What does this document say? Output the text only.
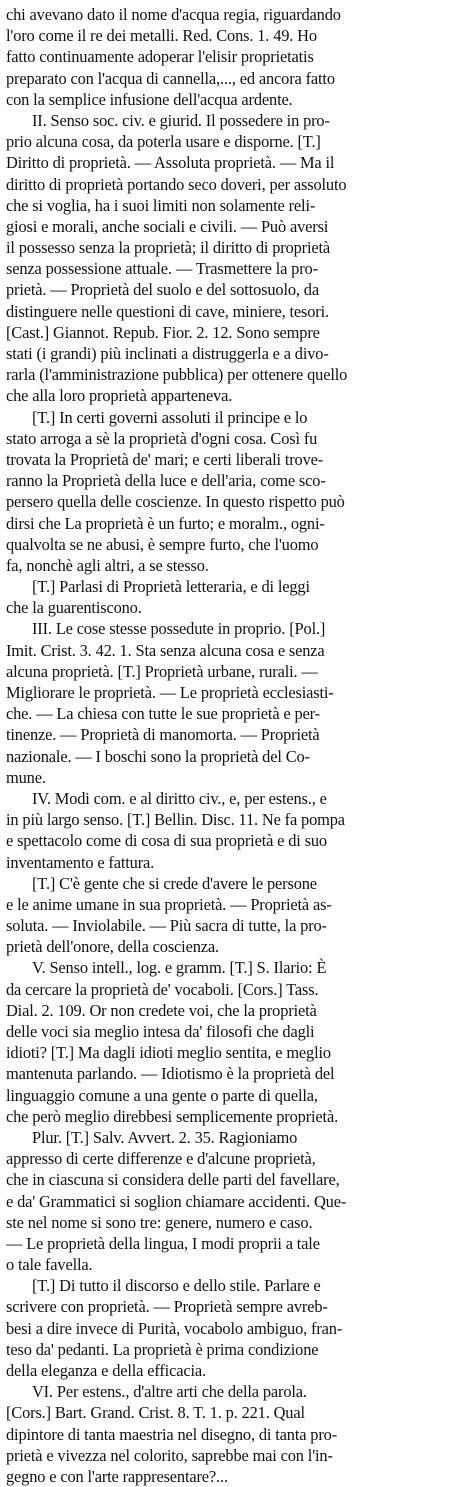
chi avevano dato il nome d'acqua regia, riguardando
l'oro come il re dei metalli. Red. Cons. 1. 49. Ho
fatto continuamente adoperar l'elisir proprietatis
preparato con l'acqua di cannella,..., ed ancora fatto
con la semplice infusione dell'acqua ardente.
II. Senso soc. civ. e giurid. Il possedere in pro-
prio alcuna cosa, da poterla usare e disporne. [T.]
Diritto di proprietà. — Assoluta proprietà. — Ma il
diritto di proprietà portando seco doveri, per assoluto
che si voglia, ha i suoi limiti non solamente reli-
giosi e morali, anche sociali e civili. — Può aversi
il possesso senza la proprietà; il diritto di proprietà
senza possessione attuale. — Trasmettere la pro-
prietà. — Proprietà del suolo e del sottosuolo, da
distinguere nelle questioni di cave, miniere, tesori.
[Cast.] Giannot. Repub. Fior. 2. 12. Sono sempre
stati (i grandi) più inclinati a distruggerla e a divo-
rarla (l'amministrazione pubblica) per ottenere quello
che alla loro proprietà apparteneva.
[T.] In certi governi assoluti il principe e lo
stato arroga a sè la proprietà d'ogni cosa. Così fu
trovata la Proprietà de' mari; e certi liberali trove-
ranno la Proprietà della luce e dell'aria, come sco-
persero quella delle coscienze. In questo rispetto può
dirsi che La proprietà è un furto; e moralm., ogni-
qualvolta se ne abusi, è sempre furto, che l'uomo
fa, nonchè agli altri, a se stesso.
[T.] Parlasi di Proprietà letteraria, e di leggi
che la guarentiscono.
III. Le cose stesse possedute in proprio. [Pol.]
Imit. Crist. 3. 42. 1. Sta senza alcuna cosa e senza
alcuna proprietà. [T.] Proprietà urbane, rurali. —
Migliorare le proprietà. — Le proprietà ecclesiasti-
che. — La chiesa con tutte le sue proprietà e per-
tinenze. — Proprietà di manomorta. — Proprietà
nazionale. — I boschi sono la proprietà del Co-
mune.
IV. Modi com. e al diritto civ., e, per estens., e
in più largo senso. [T.] Bellin. Disc. 11. Ne fa pompa
e spettacolo come di cosa di sua proprietà e di suo
inventamento e fattura.
[T.] C'è gente che si crede d'avere le persone
e le anime umane in sua proprietà. — Proprietà as-
soluta. — Inviolabile. — Più sacra di tutte, la pro-
prietà dell'onore, della coscienza.
V. Senso intell., log. e gramm. [T.] S. Ilario: È
da cercare la proprietà de' vocaboli. [Cors.] Tass.
Dial. 2. 109. Or non credete voi, che la proprietà
delle voci sia meglio intesa da' filosofi che dagli
idioti? [T.] Ma dagli idioti meglio sentita, e meglio
mantenuta parlando. — Idiotismo è la proprietà del
linguaggio comune a una gente o parte di quella,
che però meglio direbbesi semplicemente proprietà.
Plur. [T.] Salv. Avvert. 2. 35. Ragioniamo
appresso di certe differenze e d'alcune proprietà,
che in ciascuna si considera delle parti del favellare,
e da' Grammatici si soglion chiamare accidenti. Que-
ste nel nome si sono tre: genere, numero e caso.
— Le proprietà della lingua, I modi proprii a tale
o tale favella.
[T.] Di tutto il discorso e dello stile. Parlare e
scrivere con proprietà. — Proprietà sempre avreb-
besi a dire invece di Purità, vocabolo ambiguo, fran-
teso da' pedanti. La proprietà è prima condizione
della eleganza e della efficacia.
VI. Per estens., d'altre arti che della parola.
[Cors.] Bart. Grand. Crist. 8. T. 1. p. 221. Qual
dipintore di tanta maestria nel disegno, di tanta pro-
prietà e vivezza nel colorito, saprebbe mai con l'in-
gegno e con l'arte rappresentare?...
